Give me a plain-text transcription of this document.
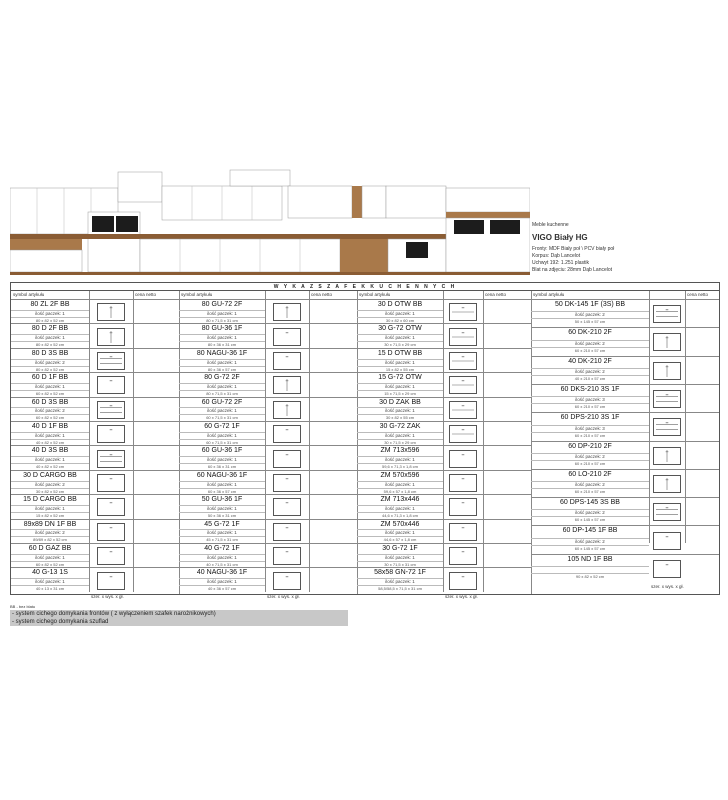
Meble kuchenne
VIGO Biały HG
Fronty: MDF Biały poł \ PCV biały poł
Korpus: Dąb Lancelot
Uchwyt 192: 1.251 plastik
Blat na zdjęciu: 28mm Dąb Lancelot
W Y K A Z S Z A F E K K U C H E N N Y C H
symbol artykułu	cena netto
80 ZL 2F BB
ilość paczek: 1
80 x 82 x 52 cm
80 D 2F BB
ilość paczek: 1
80 x 82 x 52 cm
80 D 3S BB
ilość paczek: 2
80 x 82 x 52 cm
60 D 1F BB
ilość paczek: 1
60 x 82 x 52 cm
60 D 3S BB
ilość paczek: 2
60 x 82 x 52 cm
40 D 1F BB
ilość paczek: 1
40 x 82 x 52 cm
40 D 3S BB
ilość paczek: 1
40 x 82 x 52 cm
30 D CARGO BB
ilość paczek: 2
30 x 82 x 52 cm
15 D CARGO BB
ilość paczek: 1
15 x 82 x 52 cm
89x89 DN 1F BB
ilość paczek: 2
89/89 x 82 x 52 cm
60 D GAZ BB
ilość paczek: 1
60 x 82 x 52 cm
40 G-13 1S
ilość paczek: 1
40 x 13 x 31 cm
szer. x wys. x gł.
symbol artykułu	cena netto
80 GU-72 2F
ilość paczek: 1
80 x 71,5 x 31 cm
80 GU-36 1F
ilość paczek: 1
80 x 36 x 31 cm
80 NAGU-36 1F
ilość paczek: 1
80 x 36 x 57 cm
80 G-72 2F
ilość paczek: 1
80 x 71,5 x 31 cm
60 GU-72 2F
ilość paczek: 1
60 x 71,5 x 31 cm
60 G-72 1F
ilość paczek: 1
60 x 71,5 x 31 cm
60 GU-36 1F
ilość paczek: 1
60 x 36 x 31 cm
60 NAGU-36 1F
ilość paczek: 1
60 x 36 x 57 cm
50 GU-36 1F
ilość paczek: 1
50 x 36 x 31 cm
45 G-72 1F
ilość paczek: 1
45 x 71,5 x 31 cm
40 G-72 1F
ilość paczek: 1
40 x 71,5 x 31 cm
40 NAGU-36 1F
ilość paczek: 1
40 x 36 x 57 cm
szer. x wys. x gł.
symbol artykułu	cena netto
30 D OTW BB
ilość paczek: 1
30 x 82 x 60 cm
30 G-72 OTW
ilość paczek: 1
30 x 71,5 x 29 cm
15 D OTW BB
ilość paczek: 1
15 x 82 x 55 cm
15 G-72 OTW
ilość paczek: 1
15 x 71,5 x 29 cm
30 D ZAK BB
ilość paczek: 1
30 x 82 x 55 cm
30 G-72 ZAK
ilość paczek: 1
30 x 71,5 x 29 cm
ZM 713x596
ilość paczek: 1
59,6 x 71,3 x 1,8 cm
ZM 570x596
ilość paczek: 1
59,6 x 57 x 1,8 cm
ZM 713x446
ilość paczek: 1
44,6 x 71,3 x 1,8 cm
ZM 570x446
ilość paczek: 1
44,6 x 57 x 1,8 cm
30 G-72 1F
ilość paczek: 1
30 x 71,5 x 31 cm
58x58 GN-72 1F
ilość paczek: 1
58,5/58,5 x 71,5 x 31 cm
szer. x wys. x gł.
symbol artykułu	cena netto
50 DK-145 1F (3S) BB
ilość paczek: 2
50 x 145 x 57 cm
60 DK-210 2F
ilość paczek: 2
60 x 210 x 57 cm
40 DK-210 2F
ilość paczek: 2
40 x 210 x 57 cm
60 DKS-210 3S 1F
ilość paczek: 3
60 x 210 x 57 cm
60 DPS-210 3S 1F
ilość paczek: 3
60 x 210 x 57 cm
60 DP-210 2F
ilość paczek: 2
60 x 210 x 57 cm
60 LO-210 2F
ilość paczek: 2
60 x 210 x 57 cm
60 DPS-145 3S BB
ilość paczek: 2
60 x 145 x 57 cm
60 DP-145 1F BB
ilość paczek: 2
60 x 145 x 57 cm
105 ND 1F BB
90 x 82 x 52 cm
szer. x wys. x gł.
BB - bez blatu
- system cichego domykania frontów ( z wyłączeniem szafek narożnikowych)
- system cichego domykania szuflad
